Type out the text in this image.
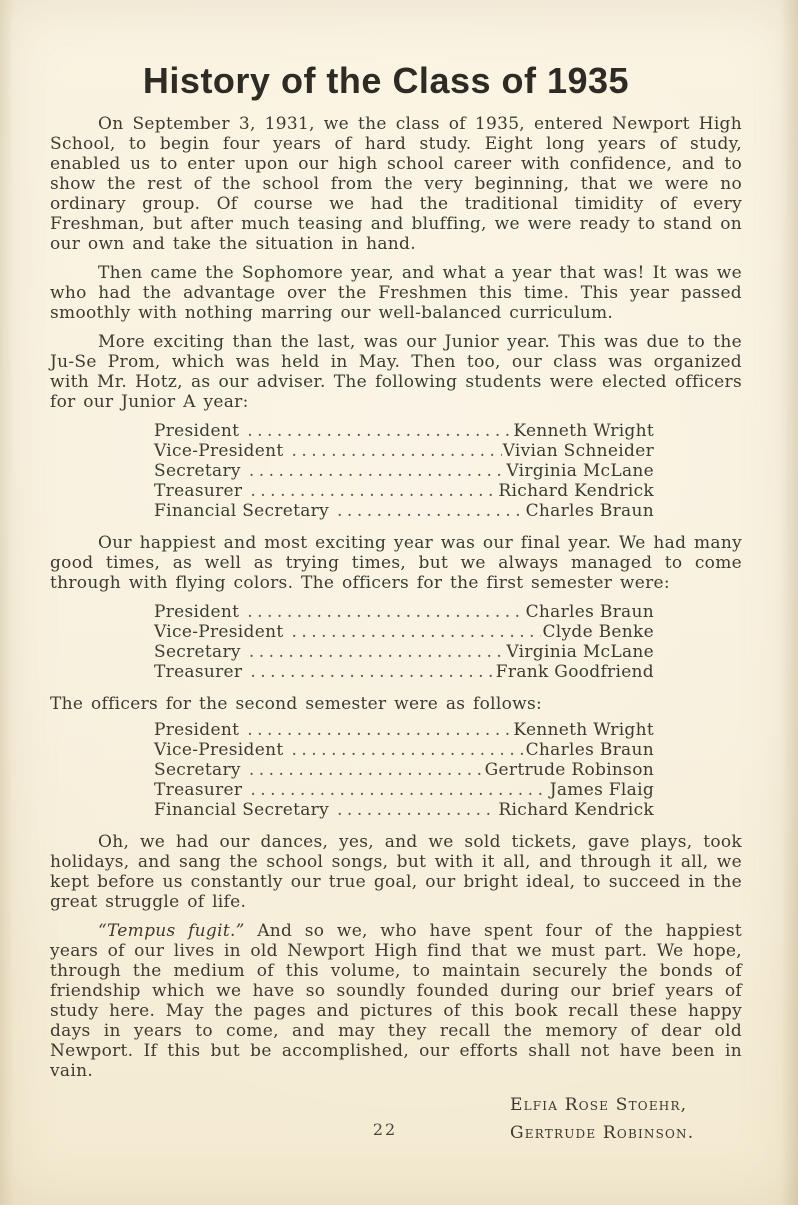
History of the Class of 1935

On September 3, 1931, we the class of 1935, entered Newport High School, to begin four years of hard study. Eight long years of study, enabled us to enter upon our high school career with confidence, and to show the rest of the school from the very beginning, that we were no ordinary group. Of course we had the traditional timidity of every Freshman, but after much teasing and bluffing, we were ready to stand on our own and take the situation in hand.

Then came the Sophomore year, and what a year that was! It was we who had the advantage over the Freshmen this time. This year passed smoothly with nothing marring our well-balanced curriculum.

More exciting than the last, was our Junior year. This was due to the Ju-Se Prom, which was held in May. Then too, our class was organized with Mr. Hotz, as our adviser. The following students were elected officers for our Junior A year:

President .....	Kenneth Wright
Vice-President .....	Vivian Schneider
Secretary .....	Virginia McLane
Treasurer .....	Richard Kendrick
Financial Secretary .....	Charles Braun

Our happiest and most exciting year was our final year. We had many good times, as well as trying times, but we always managed to come through with flying colors. The officers for the first semester were:

President .....	Charles Braun
Vice-President .....	Clyde Benke
Secretary .....	Virginia McLane
Treasurer .....	Frank Goodfriend

The officers for the second semester were as follows:

President .....	Kenneth Wright
Vice-President .....	Charles Braun
Secretary .....	Gertrude Robinson
Treasurer .....	James Flaig
Financial Secretary .....	Richard Kendrick

Oh, we had our dances, yes, and we sold tickets, gave plays, took holidays, and sang the school songs, but with it all, and through it all, we kept before us constantly our true goal, our bright ideal, to succeed in the great struggle of life.

“Tempus fugit.” And so we, who have spent four of the happiest years of our lives in old Newport High find that we must part. We hope, through the medium of this volume, to maintain securely the bonds of friendship which we have so soundly founded during our brief years of study here. May the pages and pictures of this book recall these happy days in years to come, and may they recall the memory of dear old Newport. If this but be accomplished, our efforts shall not have been in vain.

Elfia Rose Stoehr,
Gertrude Robinson.
22
